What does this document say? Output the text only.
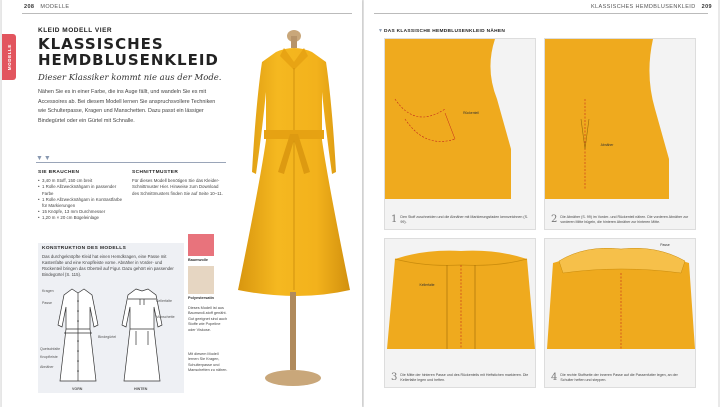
208 MODELLE
MODELLE
KLEID MODELL VIER
KLASSISCHES
HEMDBLUSENKLEID
Dieser Klassiker kommt nie aus der Mode.
Nähen Sie es in einer Farbe, die ins Auge fällt, und wandeln Sie es mit Accessoires ab. Bei diesem Modell lernen Sie anspruchsvollere Techniken wie Schulterpasse, Kragen und Manschetten. Dazu passt ein lässiger Bindegürtel oder ein Gürtel mit Schnalle.
▼▼
SIE BRAUCHEN
• 3,40 m Stoff, 150 cm breit
• 1 Rolle Allzwecknähgarn in passender Farbe
• 1 Rolle Allzwecknähgarn in Kontrastfarbe für Markierungen
• 15 Knöpfe, 13 mm Durchmesser
• 1,20 m × 20 cm Bügeleinlage
SCHNITTMUSTER
Für dieses Modell benötigen Sie das Kleider-Schnittmuster Hier. Hinweise zum Download des Schnittmusters finden Sie auf Seite 10–11.
KONSTRUKTION DES MODELLS

Das durchgeknöpfte Kleid hat einen Hemdkragen, eine Passe mit Kastenfalte und eine Knopfleiste vorne. Abnäher in Vorder- und Rückenteil bringen das Oberteil auf Figur. Dazu gehört ein passender Bindegürtel (S. 115).

Kragen
Passe	Kellerfalte
Manschette
Bindegürtel
Quetschfalte
Knopfleiste
Abnäher
VORN	HINTEN
Baumwolle
Polyestersatin
Dieses Modell ist aus Baumwoll-stoff genäht. Gut geeignet sind auch Stoffe wie Popeline oder Viskose.
Mit diesem Modell lernen Sie Kragen, Schulterpasse und Manschetten zu nähen.
KLASSISCHES HEMDBLUSENKLEID 209
▼ DAS KLASSISCHE HEMDBLUSENKLEID NÄHEN
Rückenteil
1 Den Stoff zuschneiden und die Abnäher mit Markierungsfaden kennzeichnen (S. 99).
Abnäher
2 Die Abnäher (S. 99) im Vorder- und Rückenteil nähen. Die vorderen Abnäher zur vorderen Mitte bügeln, die hinteren Abnäher zur hinteren Mitte.
Kellerfalte
3 Die Mitte der hinteren Passe und des Rückenteils mit Heftstichen markieren. Die Kellerfalte legen und heften.
Passe
4 Die rechte Stoffseite der inneren Passe auf die Passenfutter legen, an der Schulter heften und steppen.
